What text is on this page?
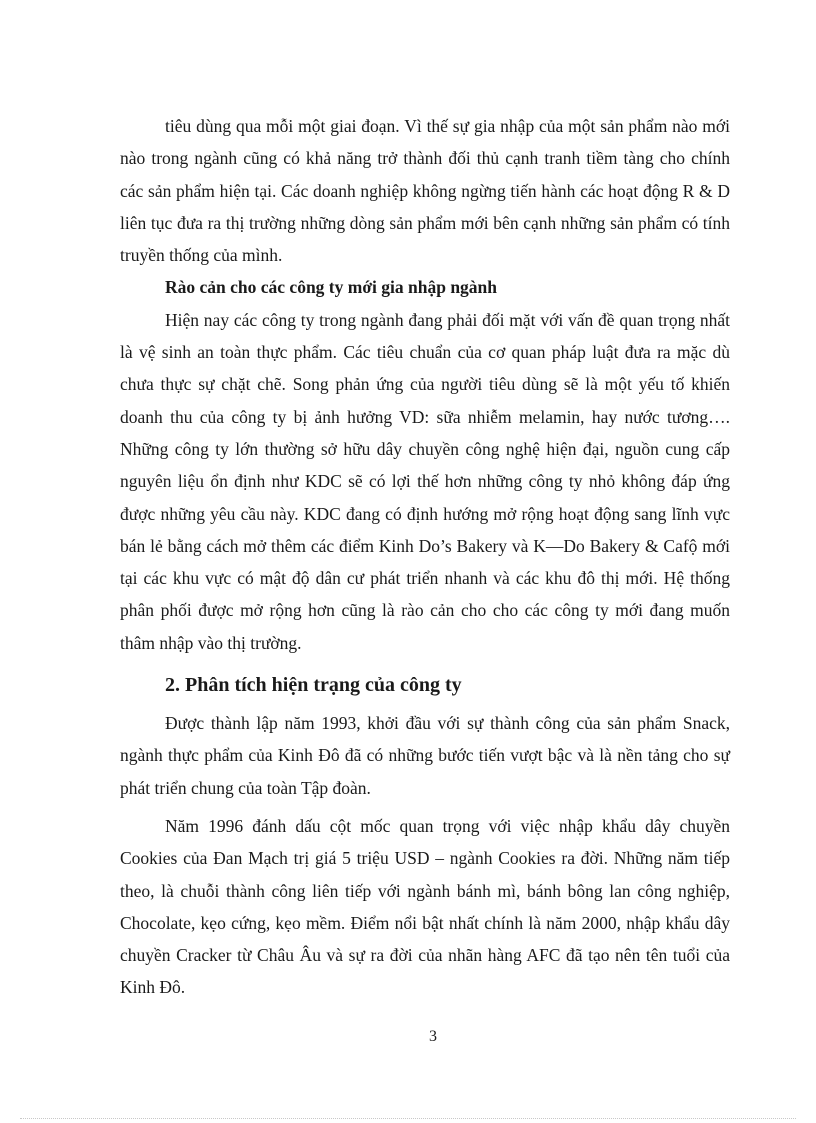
tiêu dùng qua mỗi một giai đoạn. Vì thế sự gia nhập của một sản phẩm nào mới nào trong ngành cũng có khả năng trở thành đối thủ cạnh tranh tiềm tàng cho chính các sản phẩm hiện tại. Các doanh nghiệp không ngừng tiến hành các hoạt động R & D liên tục đưa ra thị trường những dòng sản phẩm mới bên cạnh những sản phẩm có tính truyền thống của mình.

Rào cản cho các công ty mới gia nhập ngành

Hiện nay các công ty trong ngành đang phải đối mặt với vấn đề quan trọng nhất là vệ sinh an toàn thực phẩm. Các tiêu chuẩn của cơ quan pháp luật đưa ra mặc dù chưa thực sự chặt chẽ. Song phản ứng của người tiêu dùng sẽ là một yếu tố khiến doanh thu của công ty bị ảnh hưởng VD: sữa nhiễm melamin, hay nước tương…. Những công ty lớn thường sở hữu dây chuyền công nghệ hiện đại, nguồn cung cấp nguyên liệu ổn định như KDC sẽ có lợi thế hơn những công ty nhỏ không đáp ứng được những yêu cầu này. KDC đang có định hướng mở rộng hoạt động sang lĩnh vực bán lẻ bằng cách mở thêm các điểm Kinh Do’s Bakery và K—Do Bakery & Cafộ mới tại các khu vực có mật độ dân cư phát triển nhanh và các khu đô thị mới. Hệ thống phân phối được mở rộng hơn cũng là rào cản cho cho các công ty mới đang muốn thâm nhập vào thị trường.

2. Phân tích hiện trạng của công ty

Được thành lập năm 1993, khởi đầu với sự thành công của sản phẩm Snack, ngành thực phẩm của Kinh Đô đã có những bước tiến vượt bậc và là nền tảng cho sự phát triển chung của toàn Tập đoàn.

Năm 1996 đánh dấu cột mốc quan trọng với việc nhập khẩu dây chuyền Cookies của Đan Mạch trị giá 5 triệu USD – ngành Cookies ra đời. Những năm tiếp theo, là chuỗi thành công liên tiếp với ngành bánh mì, bánh bông lan công nghiệp, Chocolate, kẹo cứng, kẹo mềm. Điểm nổi bật nhất chính là năm 2000, nhập khẩu dây chuyền Cracker từ Châu Âu và sự ra đời của nhãn hàng AFC đã tạo nên tên tuổi của Kinh Đô.

3
